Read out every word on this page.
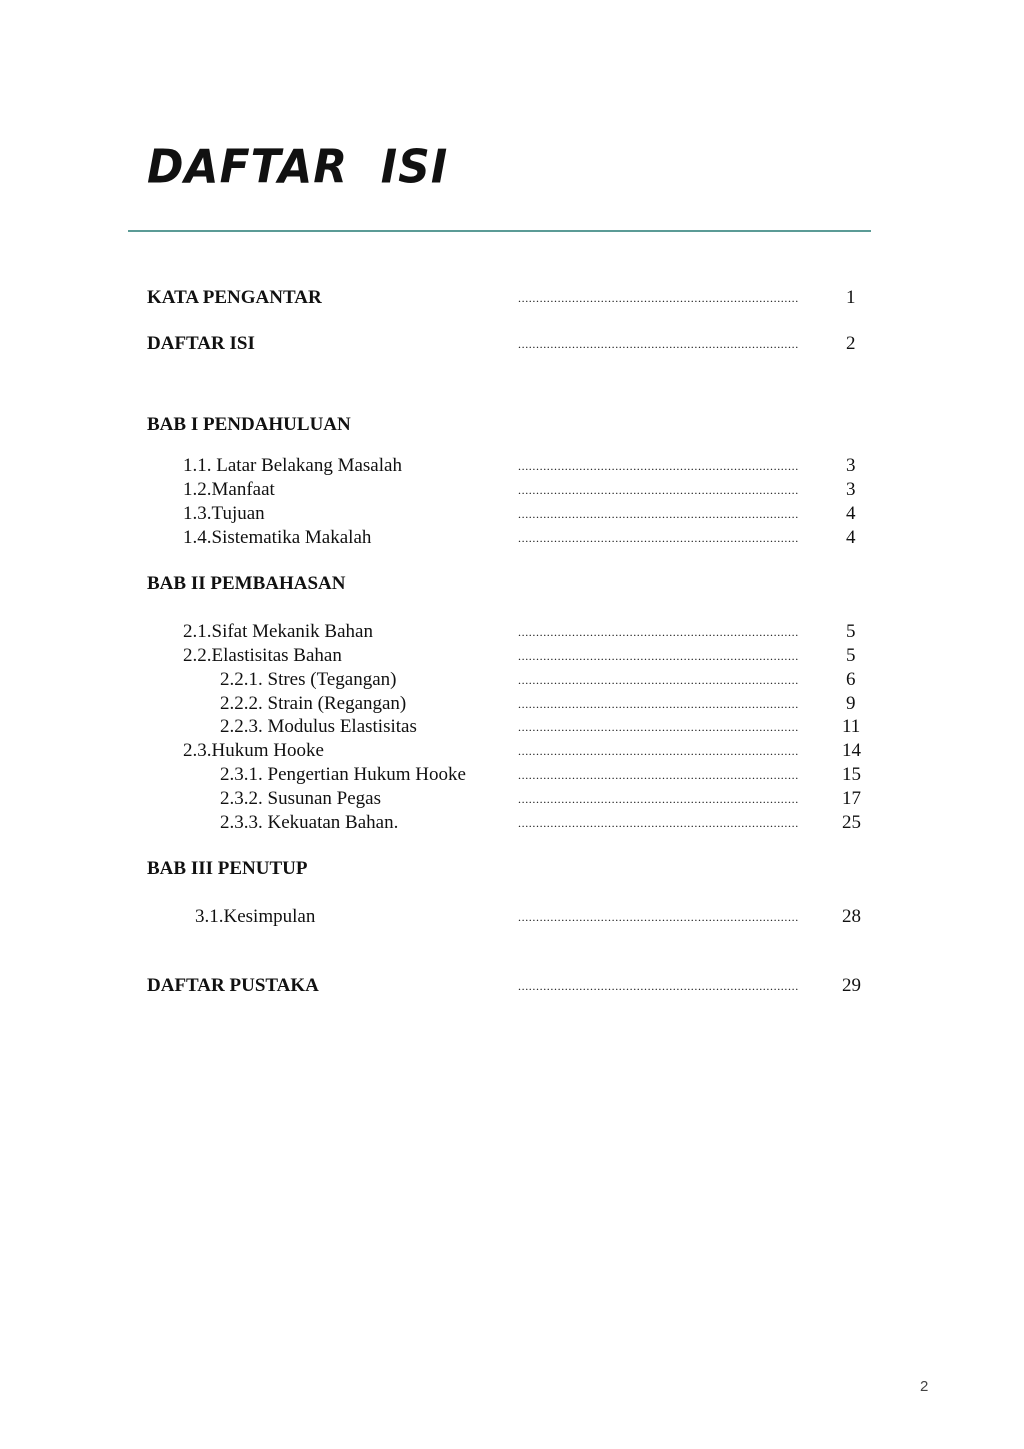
DAFTAR  ISI
KATA PENGANTAR	..............................................................................	1
DAFTAR ISI	..............................................................................	2
BAB I PENDAHULUAN
1.1. Latar Belakang Masalah	..............................................................................	3
1.2.Manfaat	..............................................................................	3
1.3.Tujuan	..............................................................................	4
1.4.Sistematika Makalah	..............................................................................	4
BAB II PEMBAHASAN
2.1.Sifat Mekanik Bahan	..............................................................................	5
2.2.Elastisitas Bahan	..............................................................................	5
2.2.1. Stres (Tegangan)	..............................................................................	6
2.2.2. Strain (Regangan)	..............................................................................	9
2.2.3. Modulus Elastisitas	..............................................................................	11
2.3.Hukum Hooke	..............................................................................	14
2.3.1. Pengertian Hukum Hooke	..............................................................................	15
2.3.2. Susunan Pegas	..............................................................................	17
2.3.3. Kekuatan Bahan.	..............................................................................	25
BAB III PENUTUP
3.1.Kesimpulan	..............................................................................	28
DAFTAR PUSTAKA	..............................................................................	29
2
